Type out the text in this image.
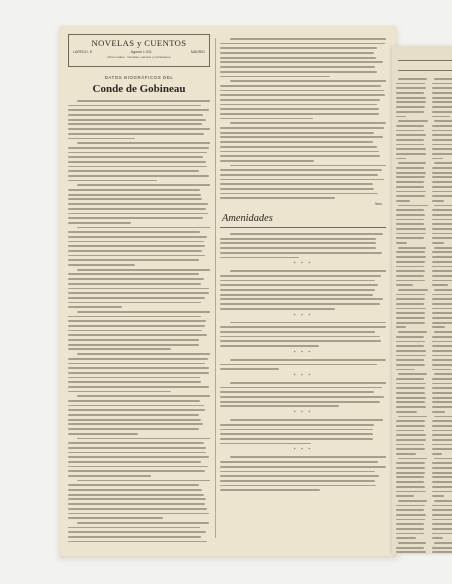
NOVELAS y CUENTOS
LAREDO, 8	Agosto 1.931	MADRID
Cinco reales · Novelas, cuentos y narraciones
DATOS BIOGRÁFICOS DEL
Conde de Gobineau
Anes
Amenidades
* * *
* * *
* * *
* * *
* * *
* * *
